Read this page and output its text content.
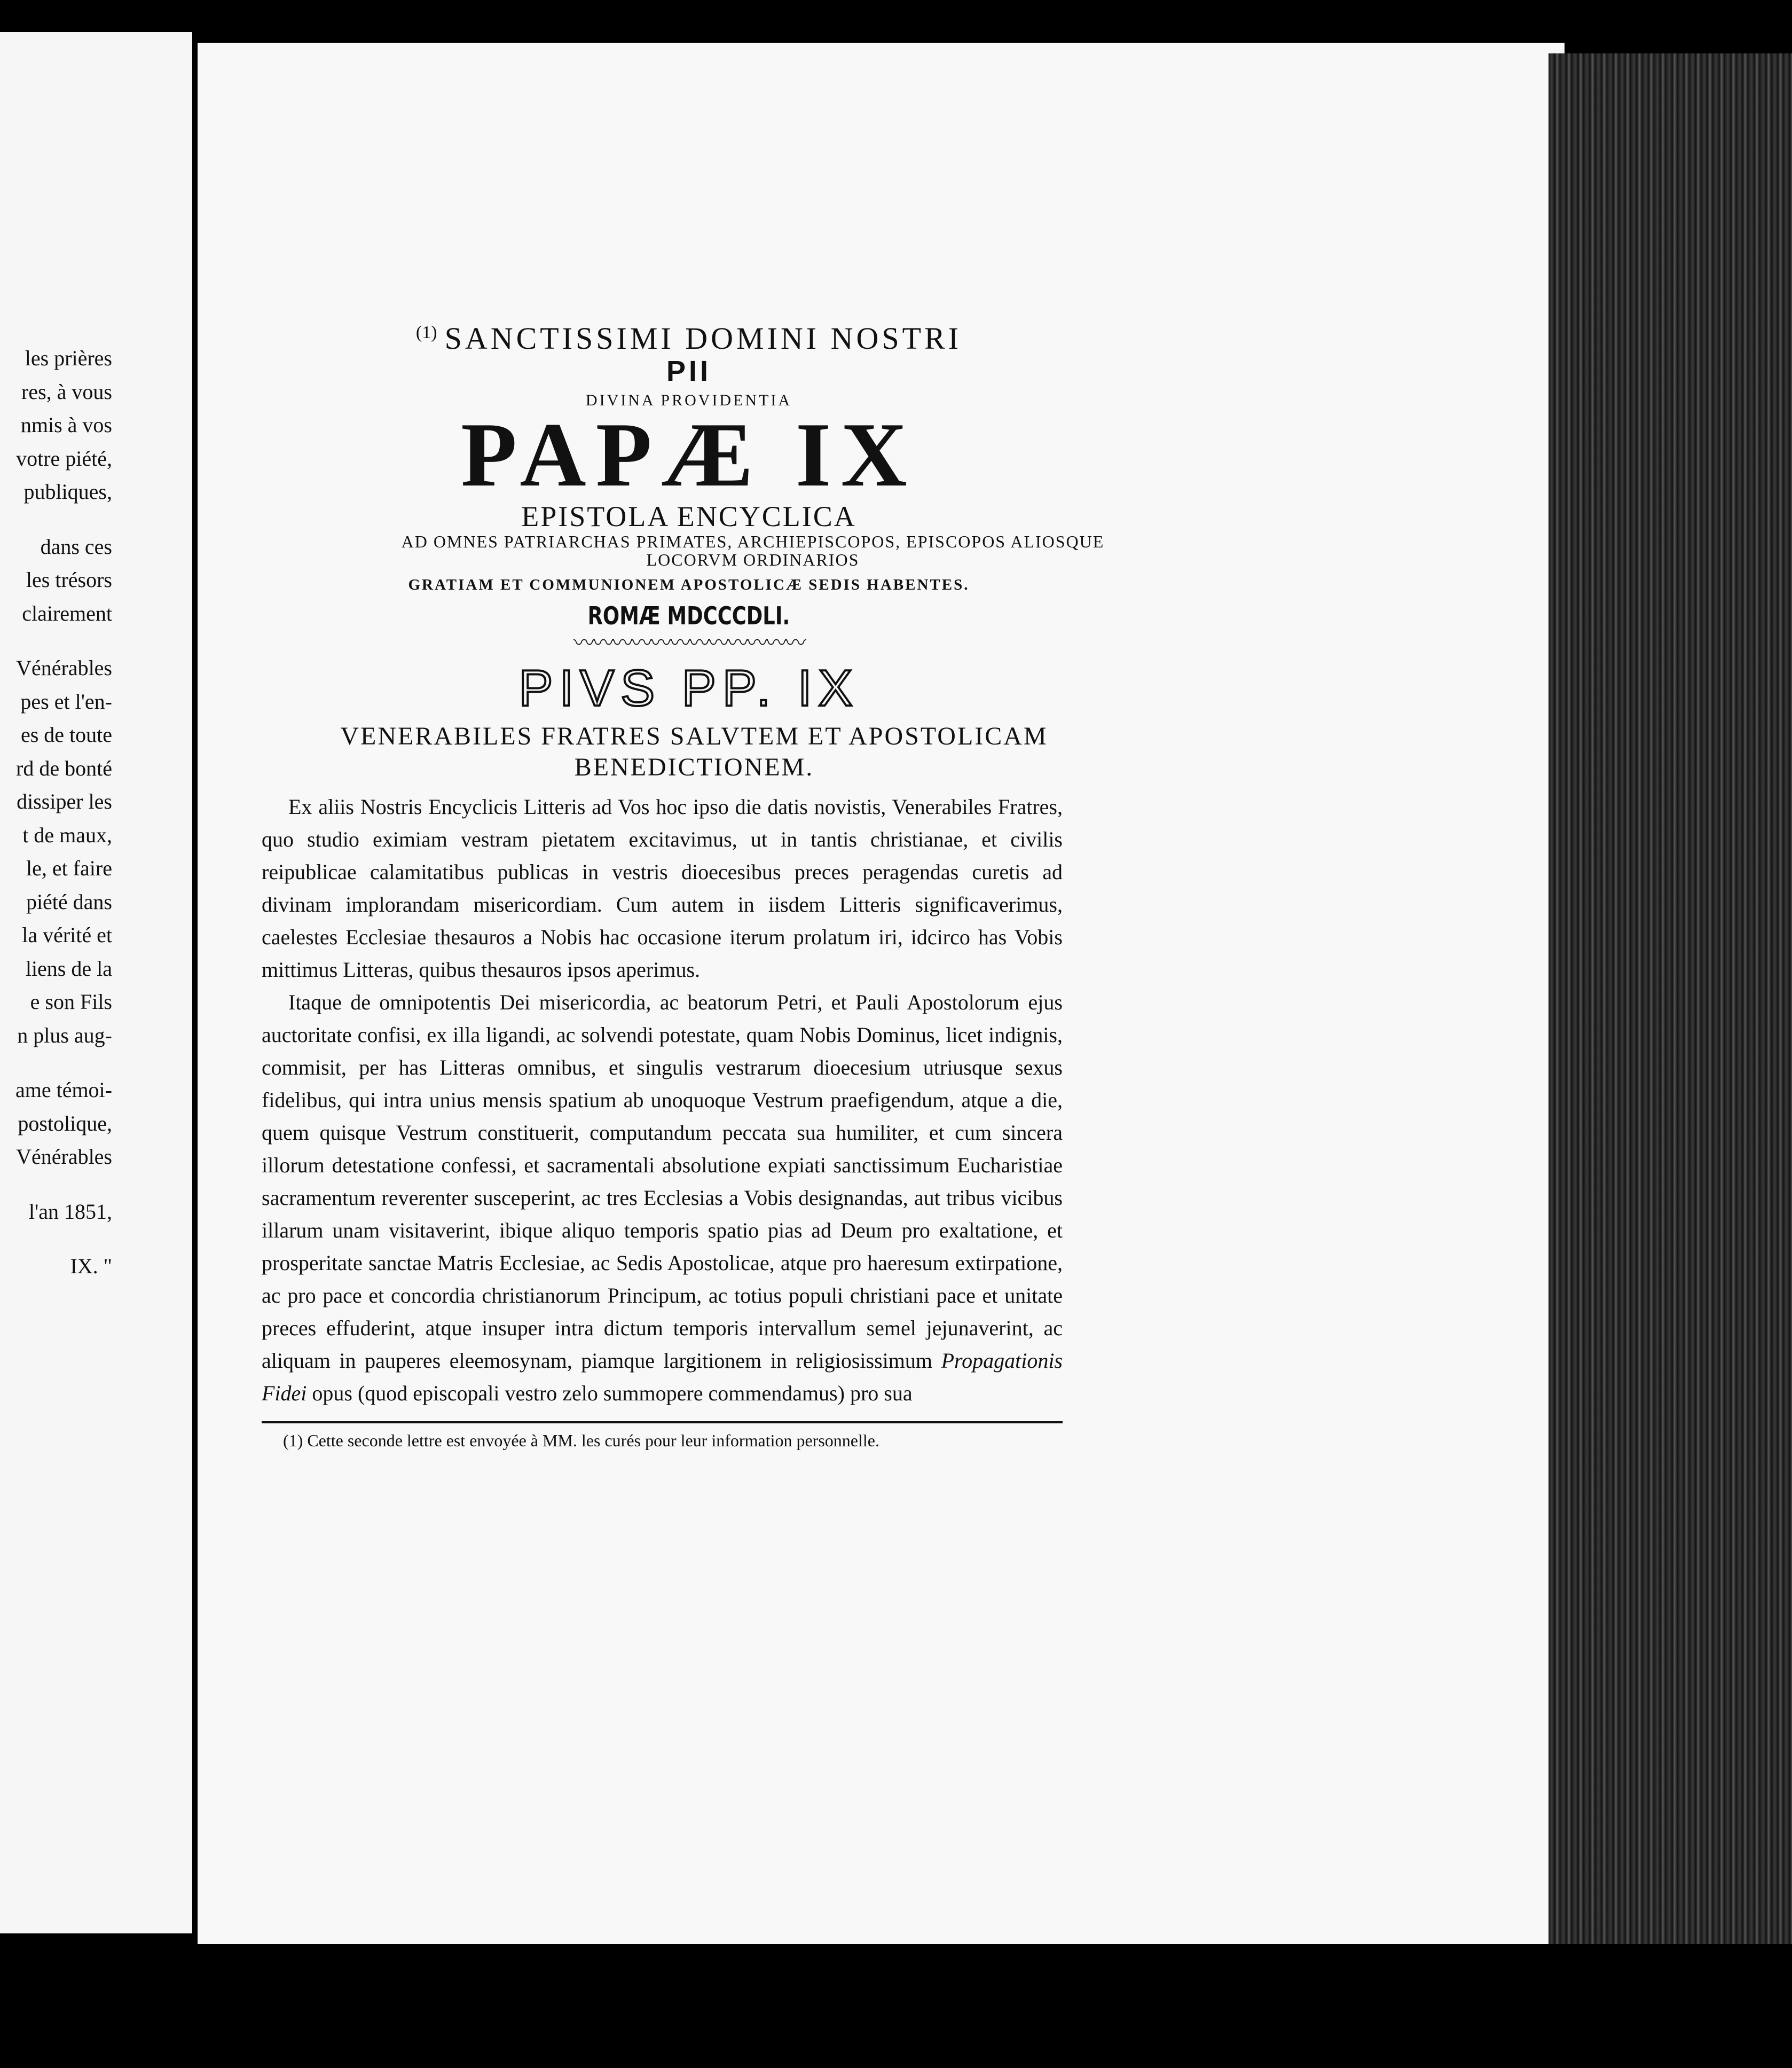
les prières
res, à vous
nmis à vos
votre piété,
publiques,
dans ces
les trésors
clairement
Vénérables
pes et l'en-
es de toute
rd de bonté
dissiper les
t de maux,
le, et faire
piété dans
la vérité et
liens de la
e son Fils
n plus aug-
ame témoi-
postolique,
Vénérables
l'an 1851,
IX. "
$^{(1)}$ SANCTISSIMI DOMINI NOSTRI
PII
DIVINA PROVIDENTIA
PAPÆ IX
EPISTOLA ENCYCLICA
AD OMNES PATRIARCHAS PRIMATES, ARCHIEPISCOPOS, EPISCOPOS ALIOSQUE
LOCORVM ORDINARIOS
GRATIAM ET COMMUNIONEM APOSTOLICÆ SEDIS HABENTES.
ROMÆ MDCCCDLI.
〰〰〰〰〰〰〰〰〰〰〰〰
PIVS PP. IX
VENERABILES FRATRES SALVTEM ET APOSTOLICAM
BENEDICTIONEM.

Ex aliis Nostris Encyclicis Litteris ad Vos hoc ipso die datis novistis, Venerabiles Fratres, quo studio eximiam vestram pietatem excitavimus, ut in tantis christianae, et civilis reipublicae calamitatibus publicas in vestris dioecesibus preces peragendas curetis ad divinam implorandam misericordiam. Cum autem in iisdem Litteris significaverimus, caelestes Ecclesiae thesauros a Nobis hac occasione iterum prolatum iri, idcirco has Vobis mittimus Litteras, quibus thesauros ipsos aperimus.

Itaque de omnipotentis Dei misericordia, ac beatorum Petri, et Pauli Apostolorum ejus auctoritate confisi, ex illa ligandi, ac solvendi potestate, quam Nobis Dominus, licet indignis, commisit, per has Litteras omnibus, et singulis vestrarum dioecesium utriusque sexus fidelibus, qui intra unius mensis spatium ab unoquoque Vestrum praefigendum, atque a die, quem quisque Vestrum constituerit, computandum peccata sua humiliter, et cum sincera illorum detestatione confessi, et sacramentali absolutione expiati sanctissimum Eucharistiae sacramentum reverenter susceperint, ac tres Ecclesias a Vobis designandas, aut tribus vicibus illarum unam visitaverint, ibique aliquo temporis spatio pias ad Deum pro exaltatione, et prosperitate sanctae Matris Ecclesiae, ac Sedis Apostolicae, atque pro haeresum extirpatione, ac pro pace et concordia christianorum Principum, ac totius populi christiani pace et unitate preces effuderint, atque insuper intra dictum temporis intervallum semel jejunaverint, ac aliquam in pauperes eleemosynam, piamque largitionem in religiosissimum Propagationis Fidei opus (quod episcopali vestro zelo summopere commendamus) pro sua

(1) Cette seconde lettre est envoyée à MM. les curés pour leur information personnelle.
